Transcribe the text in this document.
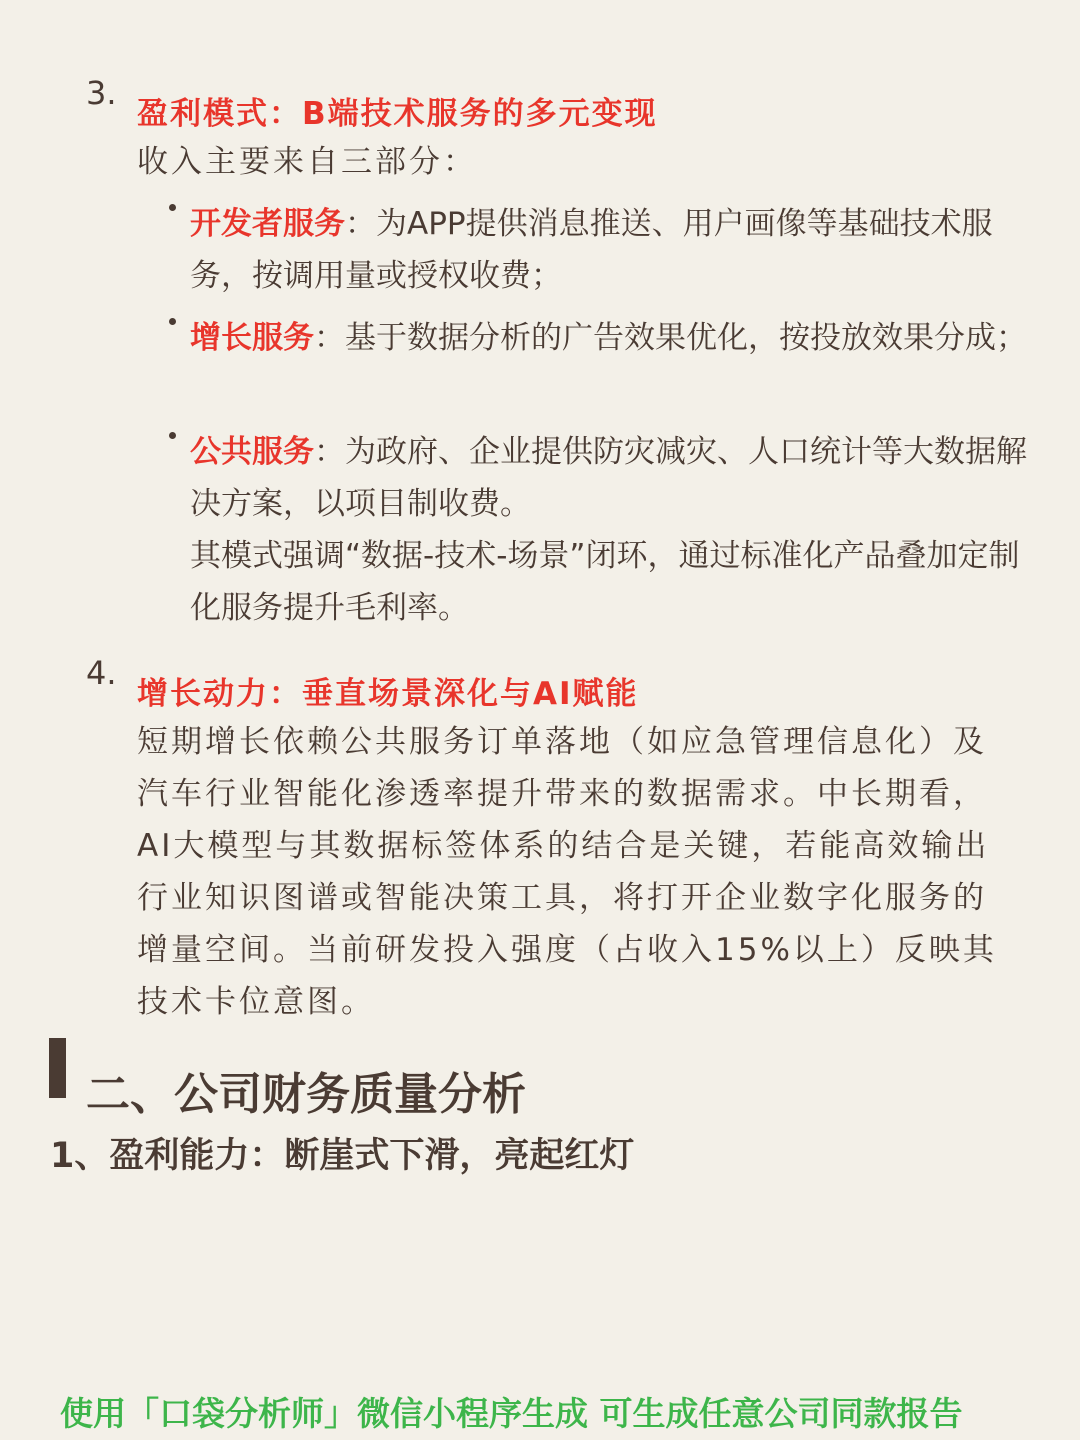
3.
盈利模式：B端技术服务的多元变现
收入主要来自三部分：
开发者服务：为APP提供消息推送、用户画像等基础技术服务，按调用量或授权收费；
增长服务：基于数据分析的广告效果优化，按投放效果分成；
公共服务：为政府、企业提供防灾减灾、人口统计等大数据解决方案，以项目制收费。
其模式强调“数据-技术-场景”闭环，通过标准化产品叠加定制化服务提升毛利率。
4.
增长动力：垂直场景深化与AI赋能
短期增长依赖公共服务订单落地（如应急管理信息化）及汽车行业智能化渗透率提升带来的数据需求。中长期看，AI大模型与其数据标签体系的结合是关键，若能高效输出行业知识图谱或智能决策工具，将打开企业数字化服务的增量空间。当前研发投入强度（占收入15%以上）反映其技术卡位意图。
二、公司财务质量分析
1、盈利能力：断崖式下滑，亮起红灯
使用「口袋分析师」微信小程序生成 可生成任意公司同款报告
